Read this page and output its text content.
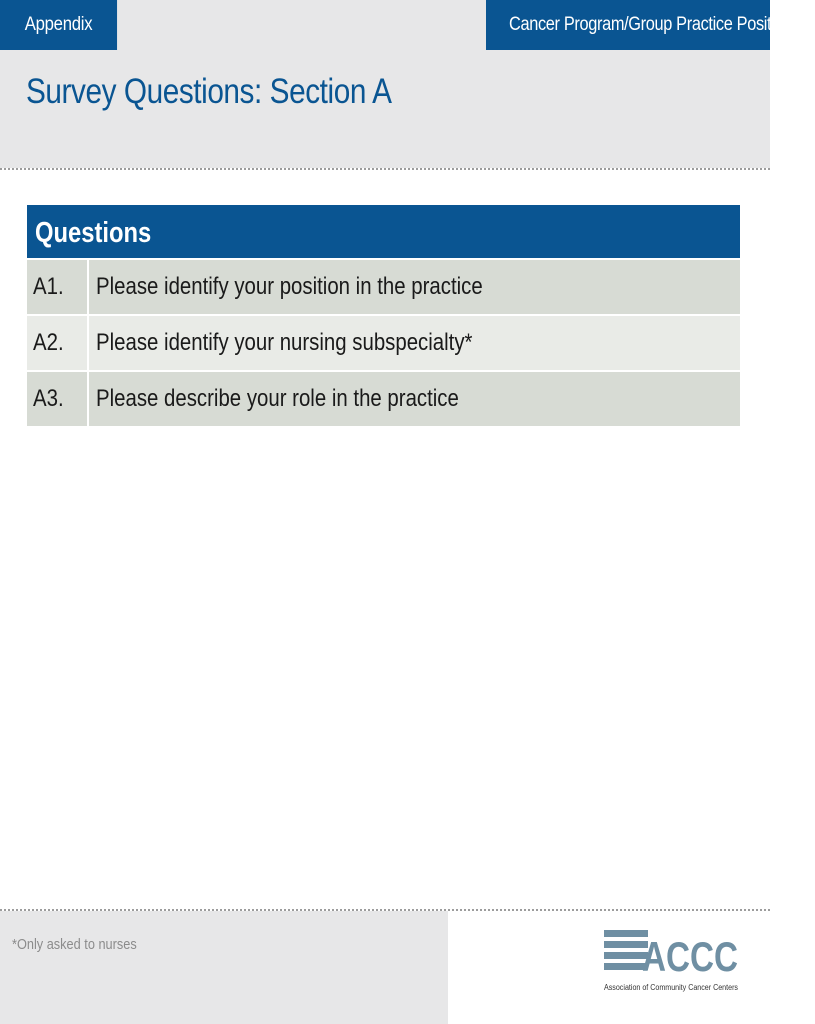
Appendix	Cancer Program/Group Practice Position
Survey Questions: Section A
Questions
A1.	Please identify your position in the practice
A2.	Please identify your nursing subspecialty*
A3.	Please describe your role in the practice
*Only asked to nurses	ACCC
Association of Community Cancer Centers
